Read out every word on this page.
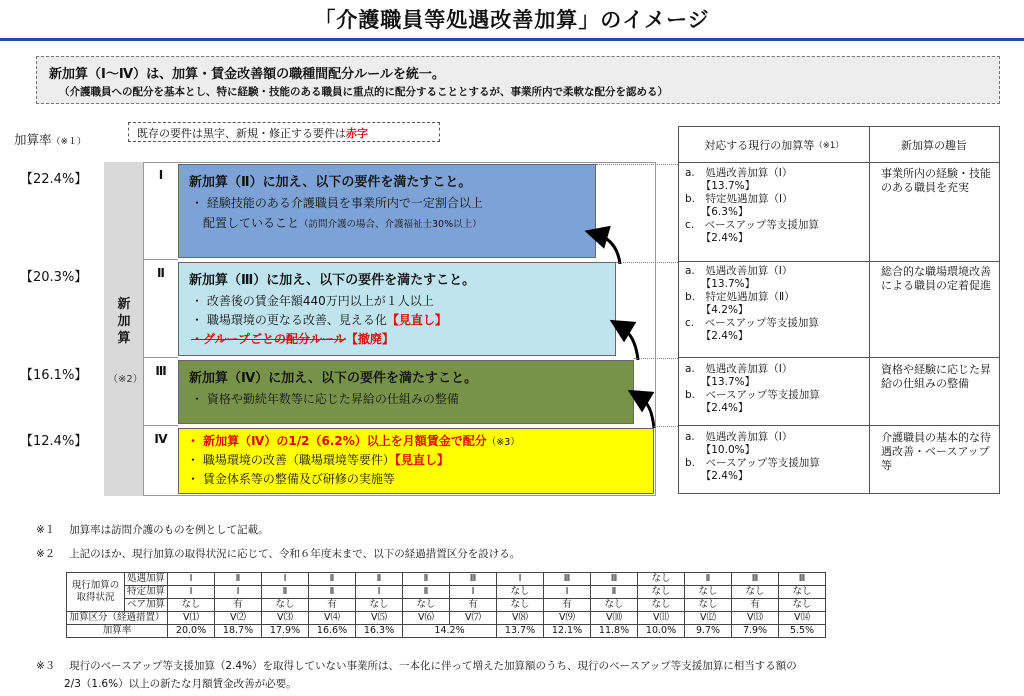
「介護職員等処遇改善加算」のイメージ
新加算（Ⅰ～Ⅳ）は、加算・賃金改善額の職種間配分ルールを統一。
（介護職員への配分を基本とし、特に経験・技能のある職員に重点的に配分することとするが、事業所内で柔軟な配分を認める）
加算率（※１）
既存の要件は黒字、新規・修正する要件は赤字
【22.4%】
【20.3%】
【16.1%】
【12.4%】
新加算
（※2）
Ⅰ
Ⅱ
Ⅲ
Ⅳ
新加算（Ⅱ）に加え、以下の要件を満たすこと。
・ 経験技能のある介護職員を事業所内で一定割合以上
　配置していること（訪問介護の場合、介護福祉士30%以上）
新加算（Ⅲ）に加え、以下の要件を満たすこと。
・ 改善後の賃金年額440万円以上が１人以上
・ 職場環境の更なる改善、見える化【見直し】
・グループごとの配分ルール【撤廃】
新加算（Ⅳ）に加え、以下の要件を満たすこと。
・ 資格や勤続年数等に応じた昇給の仕組みの整備
・ 新加算（Ⅳ）の1/2（6.2%）以上を月額賃金で配分（※3）
・ 職場環境の改善（職場環境等要件）【見直し】
・ 賃金体系等の整備及び研修の実施等
対応する現行の加算等 （※1）	新加算の趣旨
a.　処遇改善加算（Ⅰ）
　　【13.7%】
b.　特定処遇加算（Ⅰ）
　　【6.3%】
c.　ベースアップ等支援加算
　　【2.4%】
事業所内の経験・技能のある職員を充実
a.　処遇改善加算（Ⅰ）
　　【13.7%】
b.　特定処遇加算（Ⅱ）
　　【4.2%】
c.　ベースアップ等支援加算
　　【2.4%】
総合的な職場環境改善による職員の定着促進
a.　処遇改善加算（Ⅰ）
　　【13.7%】
b.　ベースアップ等支援加算
　　【2.4%】
資格や経験に応じた昇給の仕組みの整備
a.　処遇改善加算（Ⅰ）
　　【10.0%】
b.　ベースアップ等支援加算
　　【2.4%】
介護職員の基本的な待遇改善・ベースアップ等
※１　 加算率は訪問介護のものを例として記載。
※２　 上記のほか、現行加算の取得状況に応じて、令和６年度末まで、以下の経過措置区分を設ける。
現行加算の取得状況	処遇加算	Ⅰ	Ⅱ	Ⅰ	Ⅱ	Ⅱ	Ⅱ	Ⅲ	Ⅰ	Ⅲ	Ⅲ	なし	Ⅱ	Ⅲ	Ⅲ
	特定加算	Ⅰ	Ⅰ	Ⅱ	Ⅱ	Ⅰ	Ⅱ	Ⅰ	なし	Ⅰ	Ⅱ	なし	なし	なし	なし
	ベア加算	なし	有	なし	有	なし	なし	有	なし	有	なし	なし	なし	有	なし
加算区分（経過措置）		Ⅴ⑴	Ⅴ⑵	Ⅴ⑶	Ⅴ⑷	Ⅴ⑸	Ⅴ⑹	Ⅴ⑺	Ⅴ⑻	Ⅴ⑼	Ⅴ⑽	Ⅴ⑾	Ⅴ⑿	Ⅴ⒀	Ⅴ⒁
加算率		20.0%	18.7%	17.9%	16.6%	16.3%	14.2%		13.7%	12.1%	11.8%	10.0%	9.7%	7.9%	5.5%
※３　 現行のベースアップ等支援加算（2.4%）を取得していない事業所は、一本化に伴って増えた加算額のうち、現行のベースアップ等支援加算に相当する額の
2/3（1.6%）以上の新たな月額賃金改善が必要。
